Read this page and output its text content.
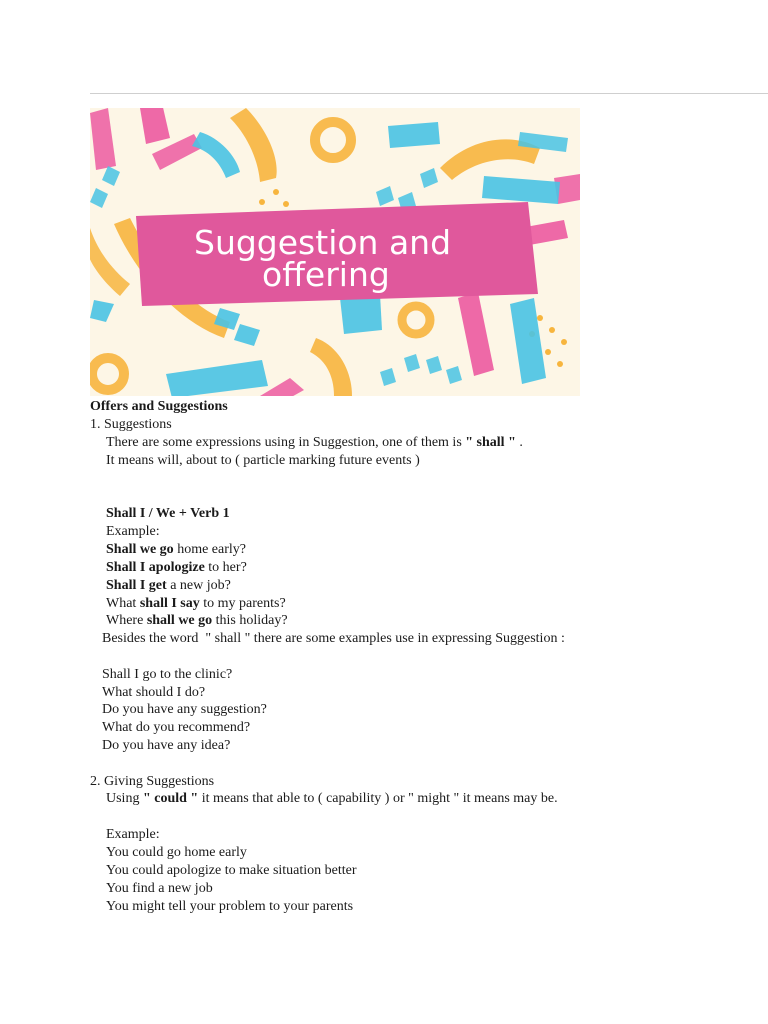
Suggestion and
offering
Offers and Suggestions
1. Suggestions
There are some expressions using in Suggestion, one of them is " shall " .
It means will, about to ( particle marking future events )
Shall I / We + Verb 1
Example:
Shall we go home early?
Shall I apologize to her?
Shall I get a new job?
What shall I say to my parents?
Where shall we go this holiday?
Besides the word  " shall " there are some examples use in expressing Suggestion :
Shall I go to the clinic?
What should I do?
Do you have any suggestion?
What do you recommend?
Do you have any idea?
2. Giving Suggestions
Using " could " it means that able to ( capability ) or " might " it means may be.
Example:
You could go home early
You could apologize to make situation better
You find a new job
You might tell your problem to your parents
